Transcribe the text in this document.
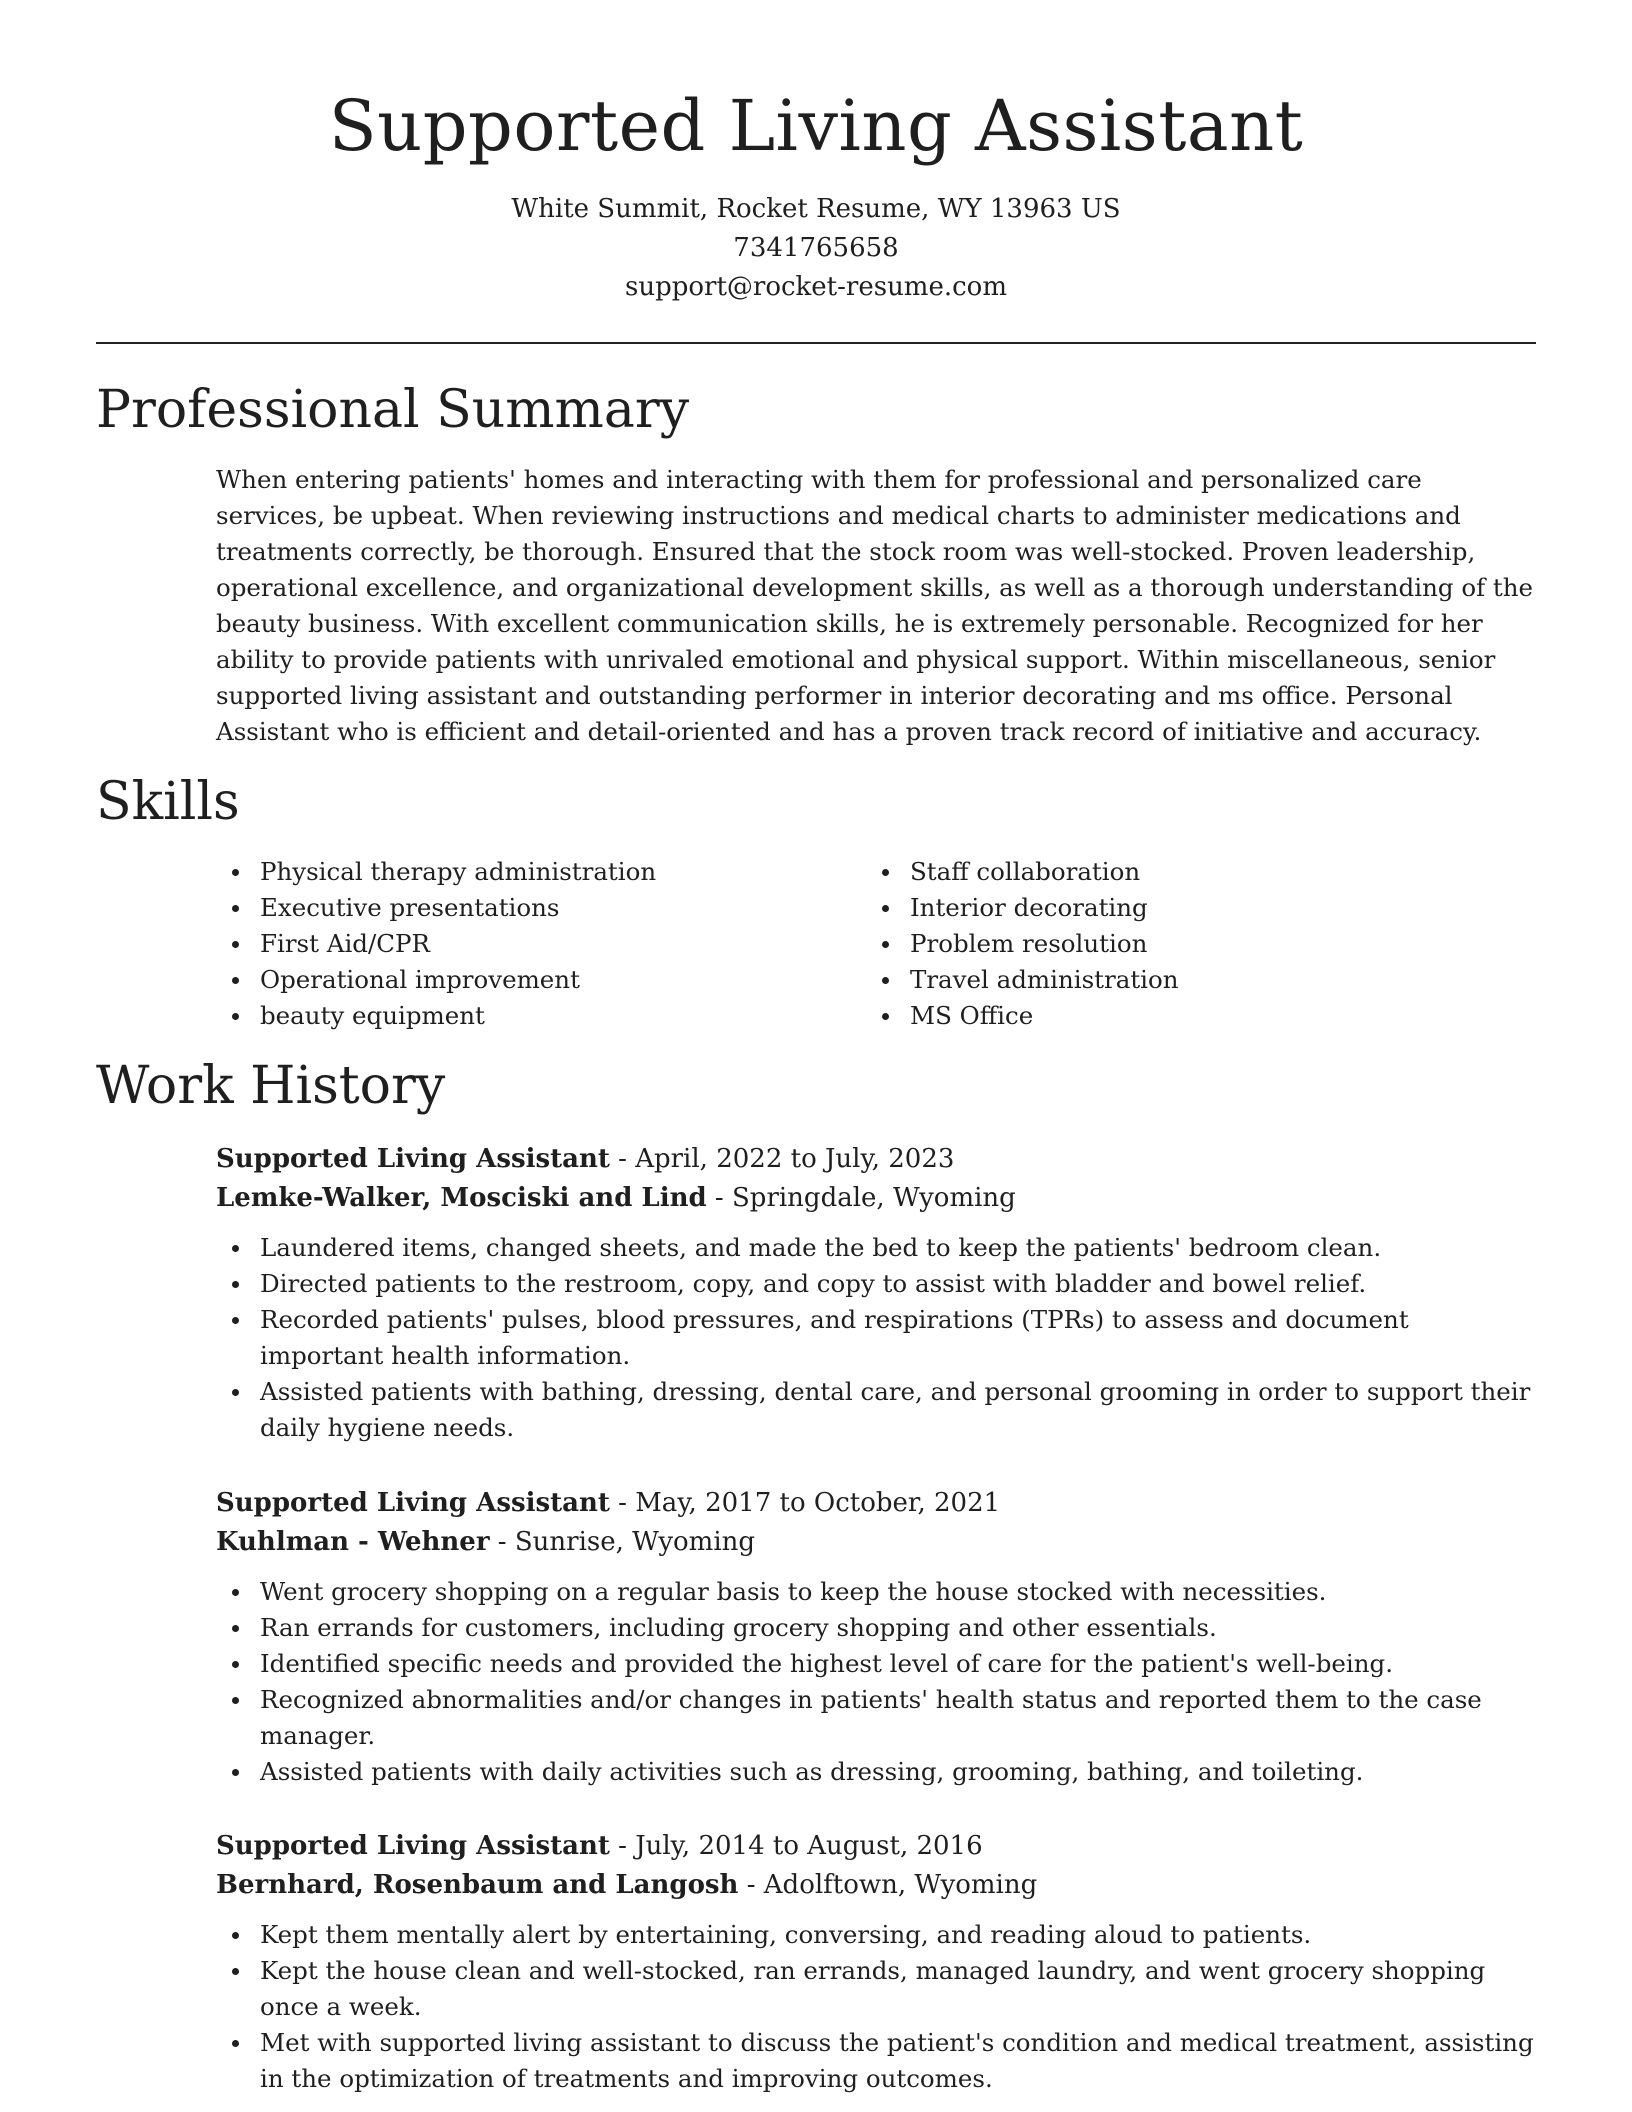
Supported Living Assistant
White Summit, Rocket Resume, WY 13963 US
7341765658
support@rocket-resume.com
Professional Summary

When entering patients' homes and interacting with them for professional and personalized care services, be upbeat. When reviewing instructions and medical charts to administer medications and treatments correctly, be thorough. Ensured that the stock room was well-stocked. Proven leadership, operational excellence, and organizational development skills, as well as a thorough understanding of the beauty business. With excellent communication skills, he is extremely personable. Recognized for her ability to provide patients with unrivaled emotional and physical support. Within miscellaneous, senior supported living assistant and outstanding performer in interior decorating and ms office. Personal Assistant who is efficient and detail-oriented and has a proven track record of initiative and accuracy.

Skills
Physical therapy administration
Executive presentations
First Aid/CPR
Operational improvement
beauty equipment
Staff collaboration
Interior decorating
Problem resolution
Travel administration
MS Office
Work History
Supported Living Assistant - April, 2022 to July, 2023
Lemke-Walker, Mosciski and Lind - Springdale, Wyoming
Laundered items, changed sheets, and made the bed to keep the patients' bedroom clean.
Directed patients to the restroom, copy, and copy to assist with bladder and bowel relief.
Recorded patients' pulses, blood pressures, and respirations (TPRs) to assess and document important health information.
Assisted patients with bathing, dressing, dental care, and personal grooming in order to support their daily hygiene needs.
Supported Living Assistant - May, 2017 to October, 2021
Kuhlman - Wehner - Sunrise, Wyoming
Went grocery shopping on a regular basis to keep the house stocked with necessities.
Ran errands for customers, including grocery shopping and other essentials.
Identified specific needs and provided the highest level of care for the patient's well-being.
Recognized abnormalities and/or changes in patients' health status and reported them to the case manager.
Assisted patients with daily activities such as dressing, grooming, bathing, and toileting.
Supported Living Assistant - July, 2014 to August, 2016
Bernhard, Rosenbaum and Langosh - Adolftown, Wyoming
Kept them mentally alert by entertaining, conversing, and reading aloud to patients.
Kept the house clean and well-stocked, ran errands, managed laundry, and went grocery shopping once a week.
Met with supported living assistant to discuss the patient's condition and medical treatment, assisting in the optimization of treatments and improving outcomes.
